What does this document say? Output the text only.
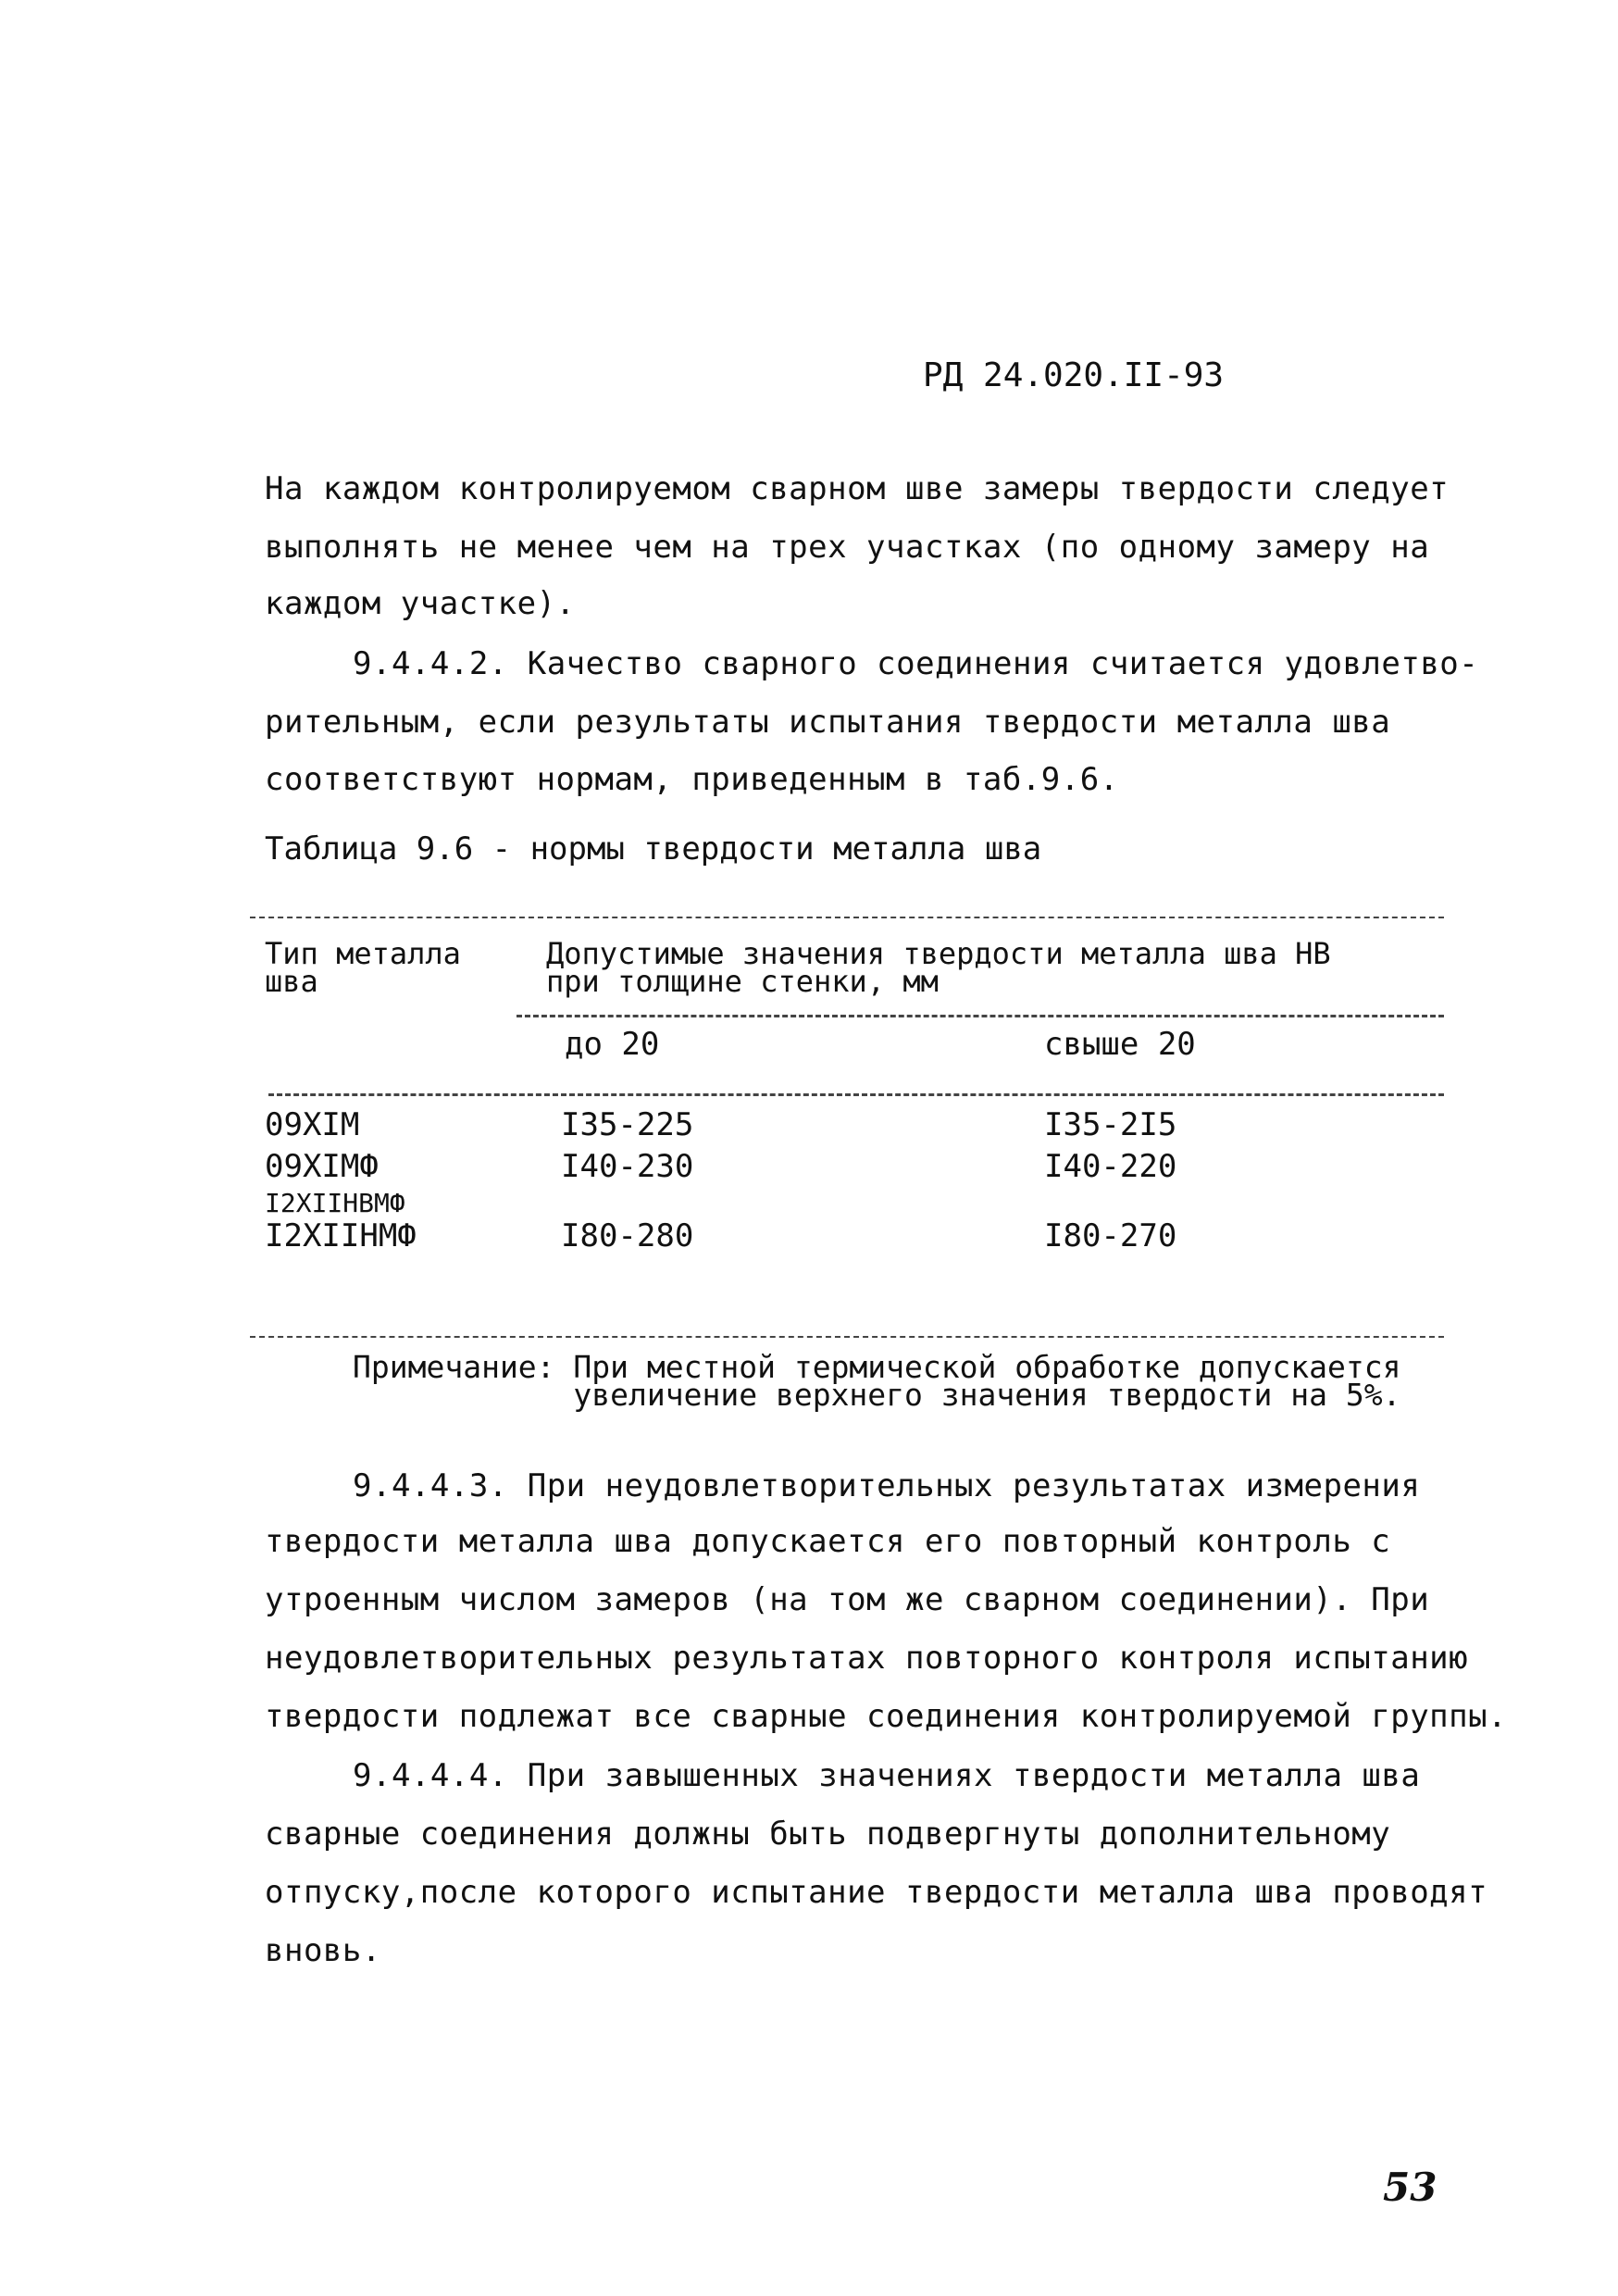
РД 24.020.II-93
На каждом контролируемом сварном шве замеры твердости следует
выполнять не менее чем на трех участках (по одному замеру на
каждом участке).
9.4.4.2. Качество сварного соединения считается удовлетво-
рительным, если результаты испытания твердости металла шва
соответствуют нормам, приведенным в таб.9.6.
Таблица 9.6 - нормы твердости металла шва
Тип металла
шва
Допустимые значения твердости металла шва НВ
при толщине стенки, мм
до 20	свыше 20
09ХIМ	I35-225	I35-2I5
09ХIМФ	I40-230	I40-220
I2ХIIНВМФ
I2ХIIНМФ	I80-280	I80-270
Примечание: При местной термической обработке допускается
увеличение верхнего значения твердости на 5%.
9.4.4.3. При неудовлетворительных результатах измерения
твердости металла шва допускается его повторный контроль с
утроенным числом замеров (на том же сварном соединении). При
неудовлетворительных результатах повторного контроля испытанию
твердости подлежат все сварные соединения контролируемой группы.
9.4.4.4. При завышенных значениях твердости металла шва
сварные соединения должны быть подвергнуты дополнительному
отпуску,после которого испытание твердости металла шва проводят
вновь.
53
